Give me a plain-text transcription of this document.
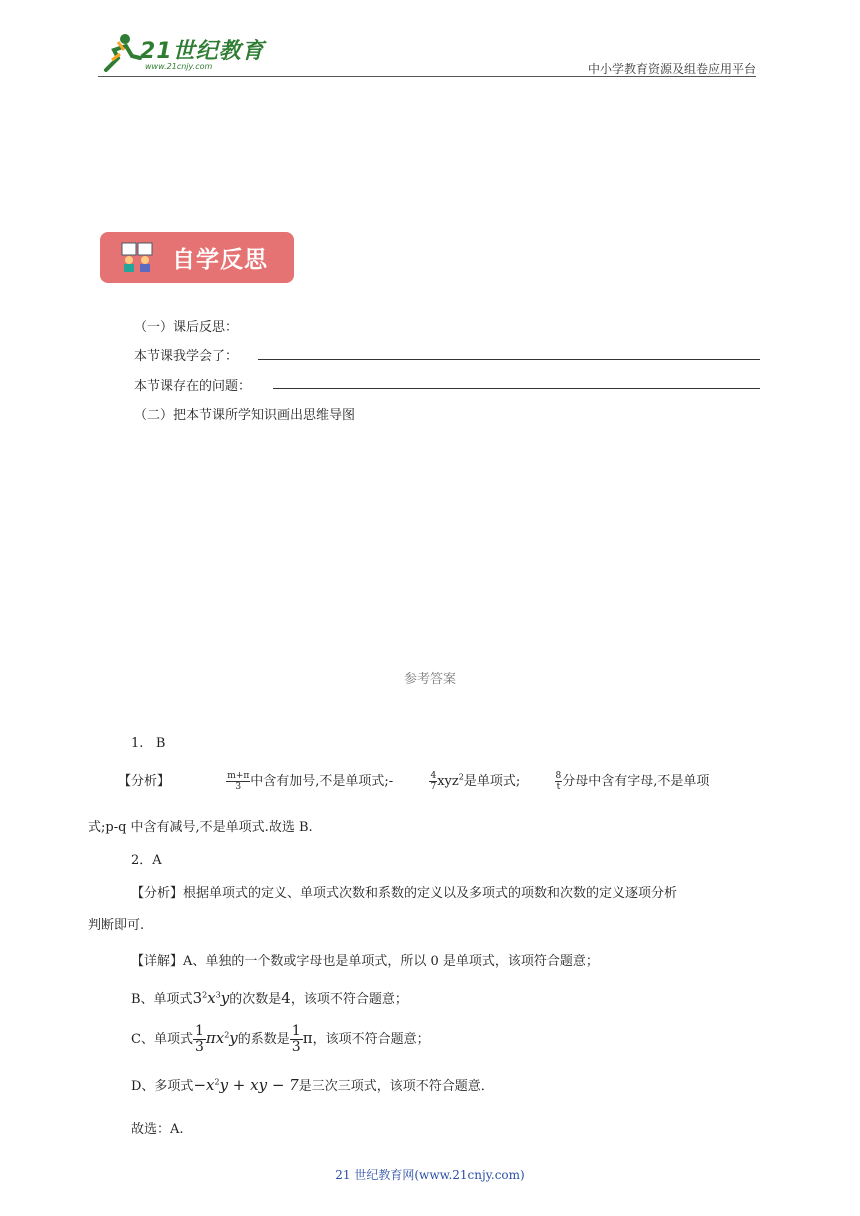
21世纪教育
www.21cnjy.com	中小学教育资源及组卷应用平台
自学反思
（一）课后反思：
本节课我学会了：
本节课存在的问题：
（二）把本节课所学知识画出思维导图
参考答案
1. B
【分析】	$\frac{m+\pi}{3}$ 中含有加号,不是单项式;-	$\frac{4}{7} xyz^2$是单项式;	$\frac{8}{t}$ 分母中含有字母,不是单项
式;p-q 中含有减号,不是单项式.故选 B.
2．A
【分析】根据单项式的定义、单项式次数和系数的定义以及多项式的项数和次数的定义逐项分析
判断即可.
【详解】A、单独的一个数或字母也是单项式，所以 0 是单项式，该项符合题意；
B、单项式$3^2x^3y$的次数是4，该项不符合题意；
C、单项式 $\frac{1}{3} \pi x^2y$的系数是 $\frac{1}{3}$ π，该项不符合题意；
D、多项式$-x^2y$ + xy − 7是三次三项式，该项不符合题意．
故选：A.
21 世纪教育网(www.21cnjy.com)
